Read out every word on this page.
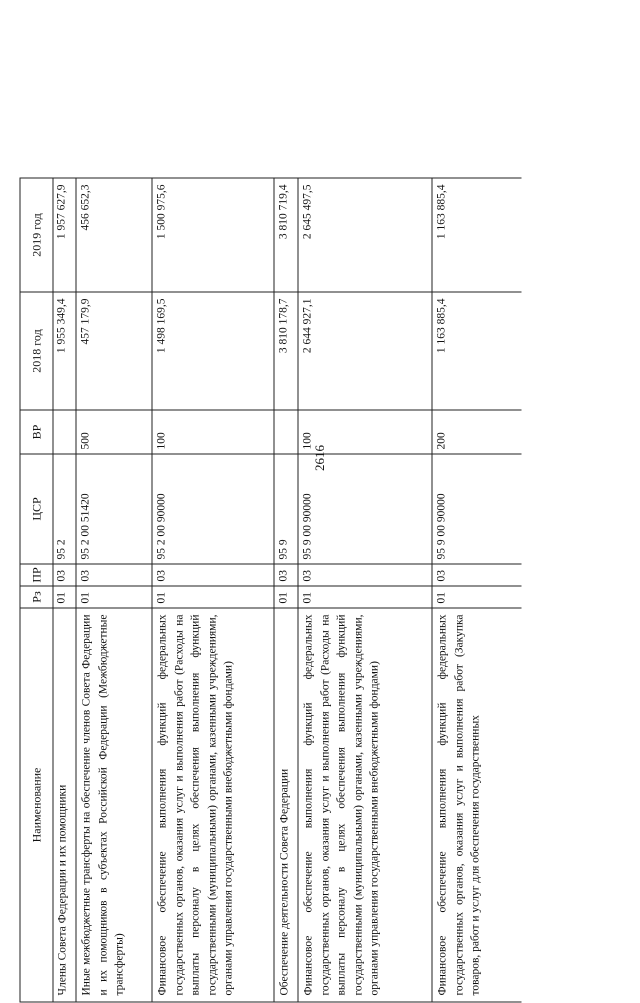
2616
Наименование
Рз
ПР
ЦСР
ВР
2018 год
2019 год
Члены Совета Федерации и их помощники
01
03
95 2
1 955 349,4
1 957 627,9
Иные межбюджетные трансферты на обеспечение членов Совета Федерации и их помощников в субъектах Российской Федерации (Межбюджетные трансферты)
01
03
95 2 00 51420
500
457 179,9
456 652,3
Финансовое обеспечение выполнения функций федеральных государственных органов, оказания услуг и выполнения работ (Расходы на выплаты персоналу в целях обеспечения выполнения функций государственными (муниципальными) органами, казенными учреждениями, органами управления государственными внебюджетными фондами)
01
03
95 2 00 90000
100
1 498 169,5
1 500 975,6
Обеспечение деятельности Совета Федерации
01
03
95 9
3 810 178,7
3 810 719,4
Финансовое обеспечение выполнения функций федеральных государственных органов, оказания услуг и выполнения работ (Расходы на выплаты персоналу в целях обеспечения выполнения функций государственными (муниципальными) органами, казенными учреждениями, органами управления государственными внебюджетными фондами)
01
03
95 9 00 90000
100
2 644 927,1
2 645 497,5
Финансовое обеспечение выполнения функций федеральных государственных органов, оказания услуг и выполнения работ (Закупка товаров, работ и услуг для обеспечения государственных
01
03
95 9 00 90000
200
1 163 885,4
1 163 885,4
